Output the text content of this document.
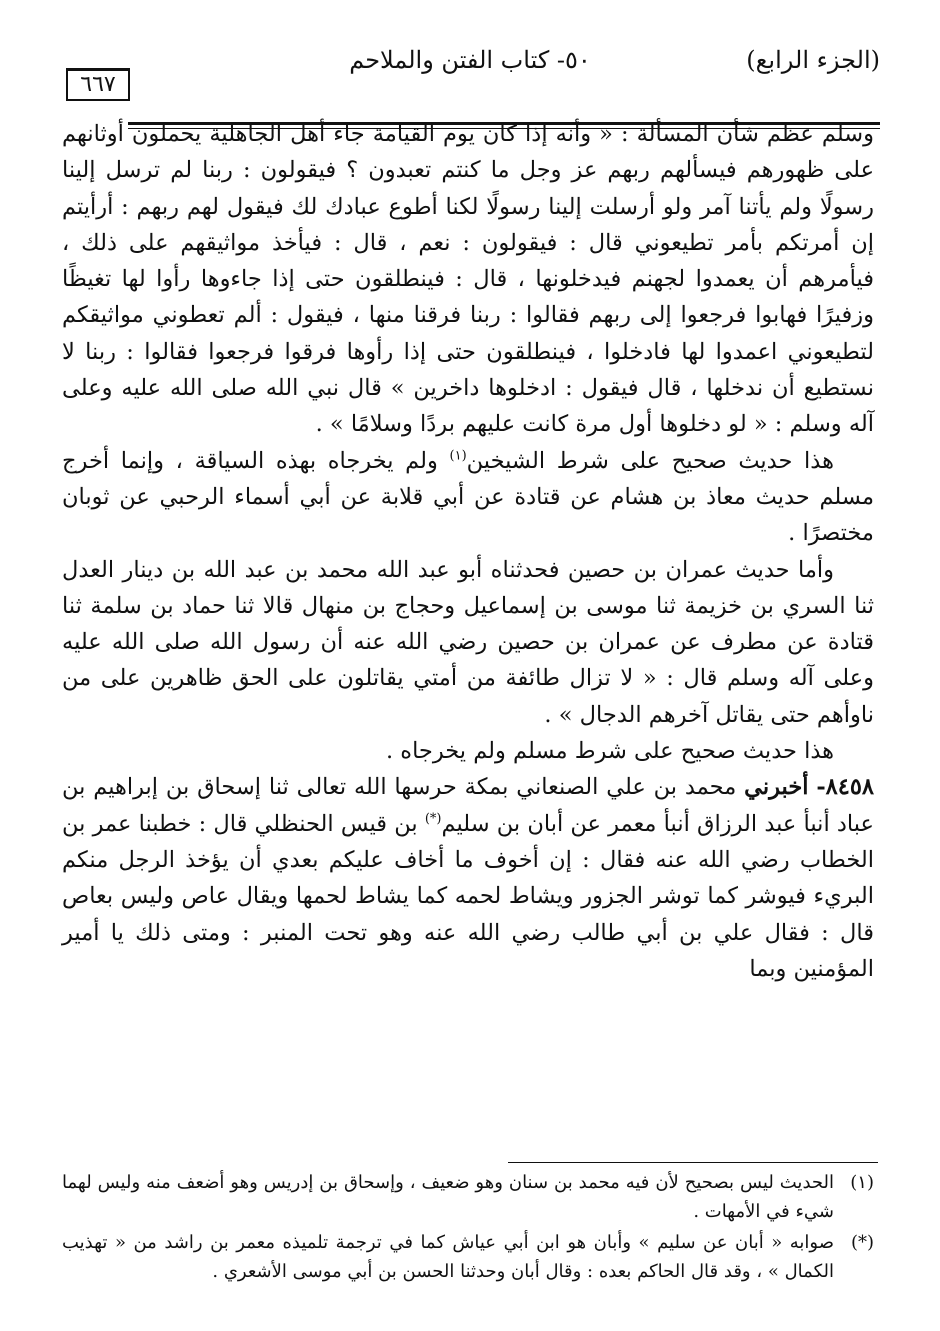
(الجزء الرابع)
٥٠- كتاب الفتن والملاحم
٦٦٧

وسلم عظم شأن المسألة : « وأنه إذا كان يوم القيامة جاء أهل الجاهلية يحملون أوثانهم على ظهورهم فيسألهم ربهم عز وجل ما كنتم تعبدون ؟ فيقولون : ربنا لم ترسل إلينا رسولًا ولم يأتنا آمر ولو أرسلت إلينا رسولًا لكنا أطوع عبادك لك فيقول لهم ربهم : أرأيتم إن أمرتكم بأمر تطيعوني قال : فيقولون : نعم ، قال : فيأخذ مواثيقهم على ذلك ، فيأمرهم أن يعمدوا لجهنم فيدخلونها ، قال : فينطلقون حتى إذا جاءوها رأوا لها تغيظًا وزفيرًا فهابوا فرجعوا إلى ربهم فقالوا : ربنا فرقنا منها ، فيقول : ألم تعطوني مواثيقكم لتطيعوني اعمدوا لها فادخلوا ، فينطلقون حتى إذا رأوها فرقوا فرجعوا فقالوا : ربنا لا نستطيع أن ندخلها ، قال فيقول : ادخلوها داخرين » قال نبي الله صلى الله عليه وعلى آله وسلم : « لو دخلوها أول مرة كانت عليهم بردًا وسلامًا » .

هذا حديث صحيح على شرط الشيخين$^{(١)}$ ولم يخرجاه بهذه السياقة ، وإنما أخرج مسلم حديث معاذ بن هشام عن قتادة عن أبي قلابة عن أبي أسماء الرحبي عن ثوبان مختصرًا .

وأما حديث عمران بن حصين فحدثناه أبو عبد الله محمد بن عبد الله بن دينار العدل ثنا السري بن خزيمة ثنا موسى بن إسماعيل وحجاج بن منهال قالا ثنا حماد بن سلمة ثنا قتادة عن مطرف عن عمران بن حصين رضي الله عنه أن رسول الله صلى الله عليه وعلى آله وسلم قال : « لا تزال طائفة من أمتي يقاتلون على الحق ظاهرين على من ناوأهم حتى يقاتل آخرهم الدجال » .

هذا حديث صحيح على شرط مسلم ولم يخرجاه .

٨٤٥٨- أخبرني محمد بن علي الصنعاني بمكة حرسها الله تعالى ثنا إسحاق بن إبراهيم بن عباد أنبأ عبد الرزاق أنبأ معمر عن أبان بن سليم(*) بن قيس الحنظلي قال : خطبنا عمر بن الخطاب رضي الله عنه فقال : إن أخوف ما أخاف عليكم بعدي أن يؤخذ الرجل منكم البريء فيوشر كما توشر الجزور ويشاط لحمه كما يشاط لحمها ويقال عاص وليس بعاص قال : فقال علي بن أبي طالب رضي الله عنه وهو تحت المنبر : ومتى ذلك يا أمير المؤمنين وبما

(١)
الحديث ليس بصحيح لأن فيه محمد بن سنان وهو ضعيف ، وإسحاق بن إدريس وهو أضعف منه وليس لهما شيء في الأمهات .
(*)
صوابه « أبان عن سليم » وأبان هو ابن أبي عياش كما في ترجمة تلميذه معمر بن راشد من « تهذيب الكمال » ، وقد قال الحاكم بعده : وقال أبان وحدثنا الحسن بن أبي موسى الأشعري .
